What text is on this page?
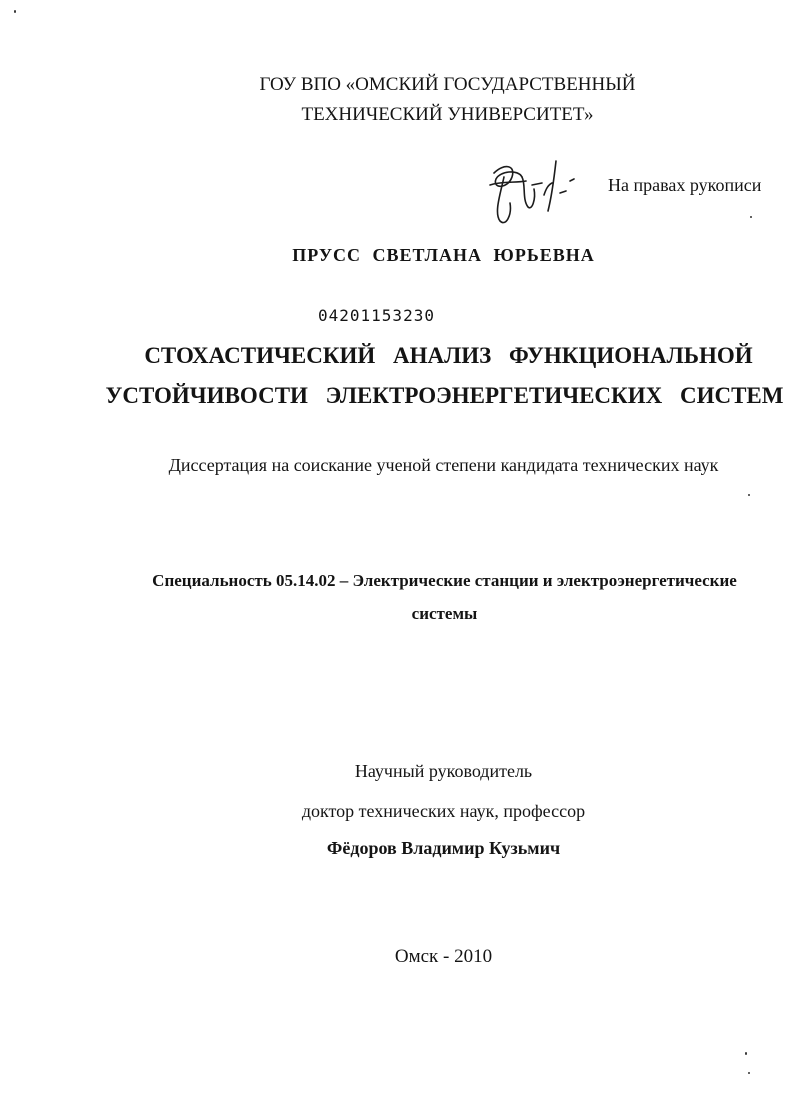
ГОУ ВПО «ОМСКИЙ ГОСУДАРСТВЕННЫЙ
ТЕХНИЧЕСКИЙ УНИВЕРСИТЕТ»
На правах рукописи
ПРУСС СВЕТЛАНА ЮРЬЕВНА
04201153230
СТОХАСТИЧЕСКИЙ АНАЛИЗ ФУНКЦИОНАЛЬНОЙ
УСТОЙЧИВОСТИ ЭЛЕКТРОЭНЕРГЕТИЧЕСКИХ СИСТЕМ
Диссертация на соискание ученой степени кандидата технических наук
Специальность 05.14.02 – Электрические станции и электроэнергетические
системы
Научный руководитель
доктор технических наук, профессор
Фёдоров Владимир Кузьмич
Омск - 2010
